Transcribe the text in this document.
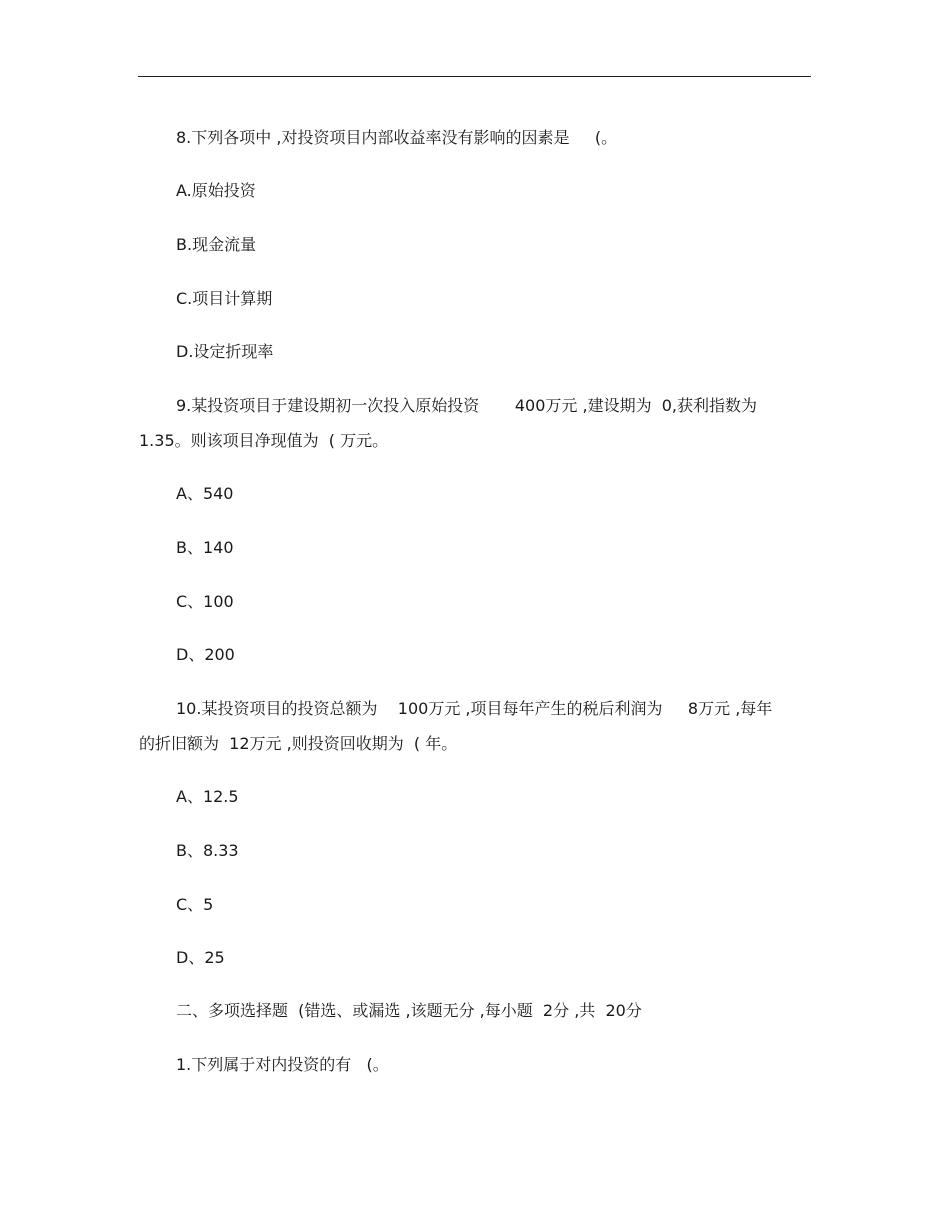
8.下列各项中 ,对投资项目内部收益率没有影响的因素是     (。
A.原始投资
B.现金流量
C.项目计算期
D.设定折现率
9.某投资项目于建设期初一次投入原始投资       400万元 ,建设期为  0,获利指数为
1.35。则该项目净现值为  ( 万元。
A、540
B、140
C、100
D、200
10.某投资项目的投资总额为    100万元 ,项目每年产生的税后利润为     8万元 ,每年
的折旧额为  12万元 ,则投资回收期为  ( 年。
A、12.5
B、8.33
C、5
D、25
二、多项选择题  (错选、或漏选 ,该题无分 ,每小题  2分 ,共  20分
1.下列属于对内投资的有   (。
